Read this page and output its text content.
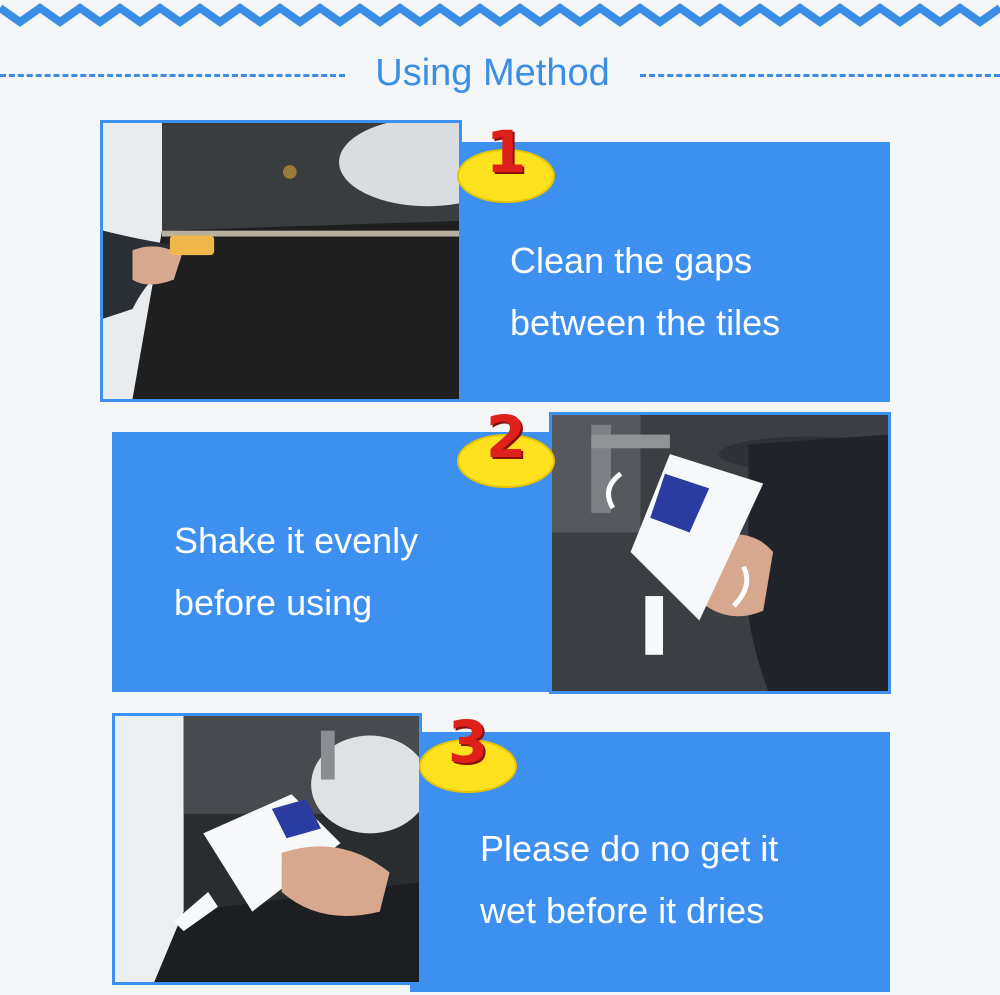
Using Method
Clean the gaps
between the tiles
1
Shake it evenly
before using
2
Please do no get it
wet before it dries
3
